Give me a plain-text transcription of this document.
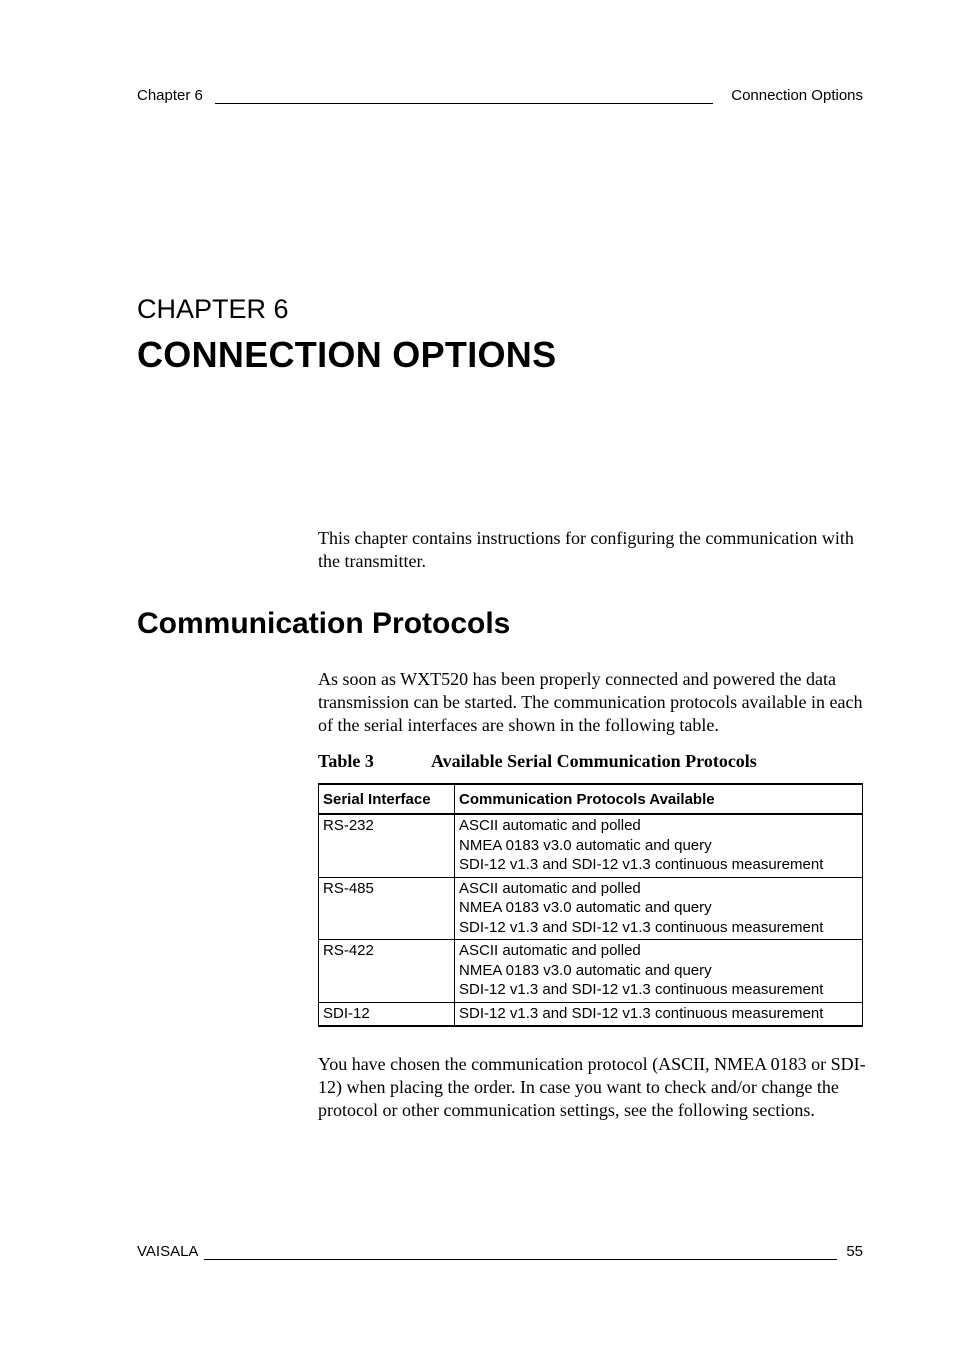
Chapter 6	Connection Options
CHAPTER 6
CONNECTION OPTIONS

This chapter contains instructions for configuring the communication with the transmitter.

Communication Protocols

As soon as WXT520 has been properly connected and powered the data transmission can be started. The communication protocols available in each of the serial interfaces are shown in the following table.

Table 3	Available Serial Communication Protocols
Serial Interface	Communication Protocols Available
RS-232	ASCII automatic and polled
NMEA 0183 v3.0 automatic and query
SDI-12 v1.3 and SDI-12 v1.3 continuous measurement

RS-485	ASCII automatic and polled
NMEA 0183 v3.0 automatic and query
SDI-12 v1.3 and SDI-12 v1.3 continuous measurement

RS-422	ASCII automatic and polled
NMEA 0183 v3.0 automatic and query
SDI-12 v1.3 and SDI-12 v1.3 continuous measurement

SDI-12	SDI-12 v1.3 and SDI-12 v1.3 continuous measurement

You have chosen the communication protocol (ASCII, NMEA 0183 or SDI-12) when placing the order. In case you want to check and/or change the protocol or other communication settings, see the following sections.

VAISALA	55
